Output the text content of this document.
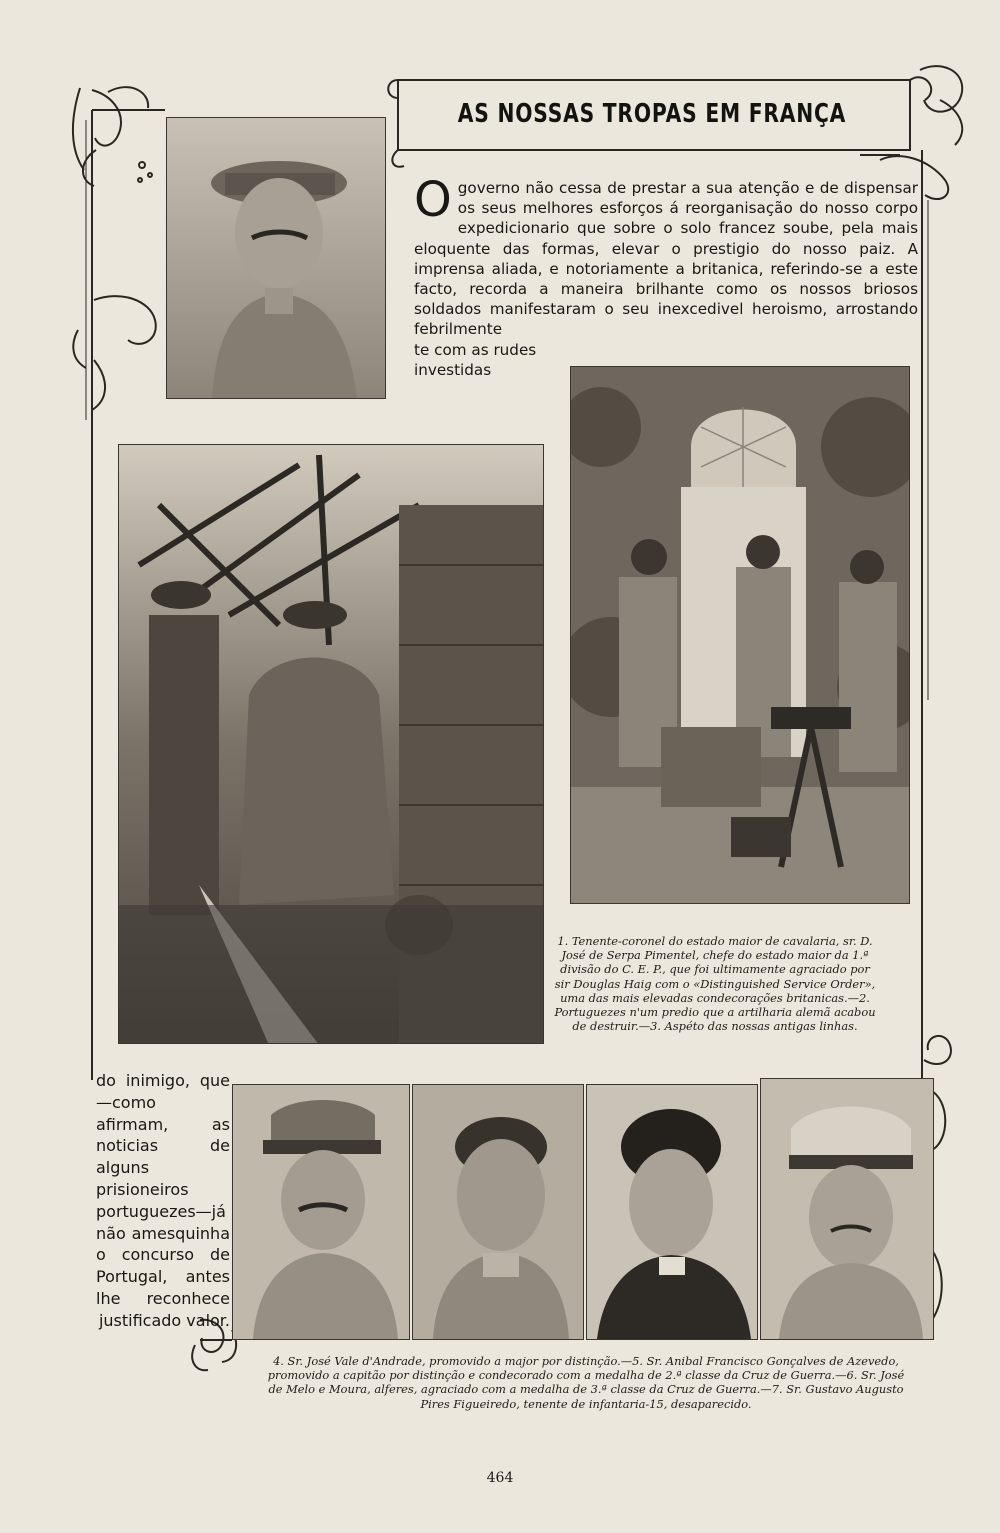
AS NOSSAS TROPAS EM FRANÇA
O governo não cessa de prestar a sua atenção e de dispensar os seus melhores esforços á reorganisação do nosso corpo expedicionario que sobre o solo francez soube, pela mais eloquente das formas, elevar o prestigio do nosso paiz. A imprensa aliada, e notoriamente a britanica, referindo-se a este facto, recorda a maneira brilhante como os nossos briosos soldados manifestaram o seu inexcedivel heroismo, arrostando febrilmente
te com as rudes investidas
1. Tenente-coronel do estado maior de cavalaria, sr. D. José de Serpa Pimentel, chefe do estado maior da 1.ª divisão do C. E. P., que foi ultimamente agraciado por sir Douglas Haig com o «Distinguished Service Order», uma das mais elevadas condecorações britanicas.—2. Portuguezes n'um predio que a artilharia alemã acabou de destruir.—3. Aspéto das nossas antigas linhas.
do inimigo, que—como afirmam, as noticias de alguns prisioneiros portuguezes—já não amesquinha o concurso de Portugal, antes lhe reconhece justificado valor.
4. Sr. José Vale d'Andrade, promovido a major por distinção.—5. Sr. Anibal Francisco Gonçalves de Azevedo, promovido a capitão por distinção e condecorado com a medalha de 2.ª classe da Cruz de Guerra.—6. Sr. José de Melo e Moura, alferes, agraciado com a medalha de 3.ª classe da Cruz de Guerra.—7. Sr. Gustavo Augusto Pires Figueiredo, tenente de infantaria-15, desaparecido.
464
